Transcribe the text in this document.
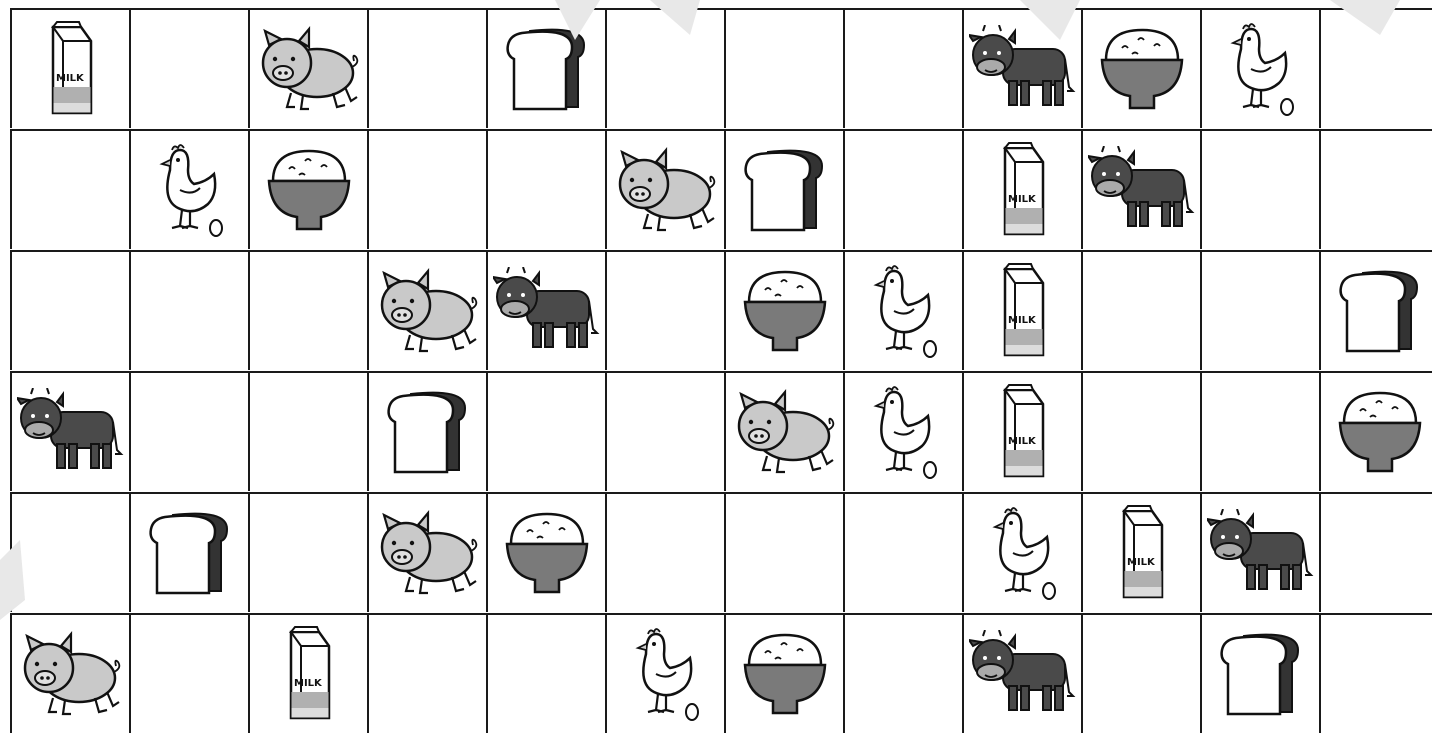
MILK
MILK
MILK
MILK
MILK
MILK
